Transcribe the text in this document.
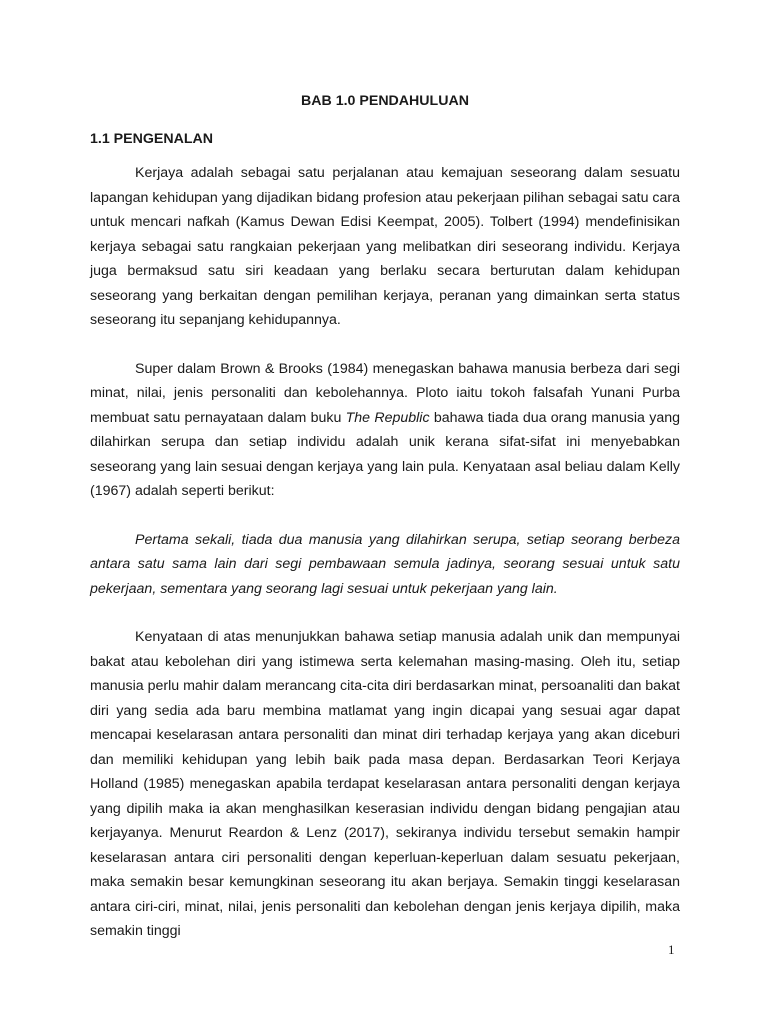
BAB 1.0 PENDAHULUAN
1.1 PENGENALAN

Kerjaya adalah sebagai satu perjalanan atau kemajuan seseorang dalam sesuatu lapangan kehidupan yang dijadikan bidang profesion atau pekerjaan pilihan sebagai satu cara untuk mencari nafkah (Kamus Dewan Edisi Keempat, 2005). Tolbert (1994) mendefinisikan kerjaya sebagai satu rangkaian pekerjaan yang melibatkan diri seseorang individu. Kerjaya juga bermaksud satu siri keadaan yang berlaku secara berturutan dalam kehidupan seseorang yang berkaitan dengan pemilihan kerjaya, peranan yang dimainkan serta status seseorang itu sepanjang kehidupannya.

Super dalam Brown & Brooks (1984) menegaskan bahawa manusia berbeza dari segi minat, nilai, jenis personaliti dan kebolehannya. Ploto iaitu tokoh falsafah Yunani Purba membuat satu pernayataan dalam buku The Republic bahawa tiada dua orang manusia yang dilahirkan serupa dan setiap individu adalah unik kerana sifat-sifat ini menyebabkan seseorang yang lain sesuai dengan kerjaya yang lain pula. Kenyataan asal beliau dalam Kelly (1967) adalah seperti berikut:

Pertama sekali, tiada dua manusia yang dilahirkan serupa, setiap seorang berbeza antara satu sama lain dari segi pembawaan semula jadinya, seorang sesuai untuk satu pekerjaan, sementara yang seorang lagi sesuai untuk pekerjaan yang lain.

Kenyataan di atas menunjukkan bahawa setiap manusia adalah unik dan mempunyai bakat atau kebolehan diri yang istimewa serta kelemahan masing-masing. Oleh itu, setiap manusia perlu mahir dalam merancang cita-cita diri berdasarkan minat, persoanaliti dan bakat diri yang sedia ada baru membina matlamat yang ingin dicapai yang sesuai agar dapat mencapai keselarasan antara personaliti dan minat diri terhadap kerjaya yang akan diceburi dan memiliki kehidupan yang lebih baik pada masa depan. Berdasarkan Teori Kerjaya Holland (1985) menegaskan apabila terdapat keselarasan antara personaliti dengan kerjaya yang dipilih maka ia akan menghasilkan keserasian individu dengan bidang pengajian atau kerjayanya. Menurut Reardon & Lenz (2017), sekiranya individu tersebut semakin hampir keselarasan antara ciri personaliti dengan keperluan-keperluan dalam sesuatu pekerjaan, maka semakin besar kemungkinan seseorang itu akan berjaya. Semakin tinggi keselarasan antara ciri-ciri, minat, nilai, jenis personaliti dan kebolehan dengan jenis kerjaya dipilih, maka semakin tinggi

1
